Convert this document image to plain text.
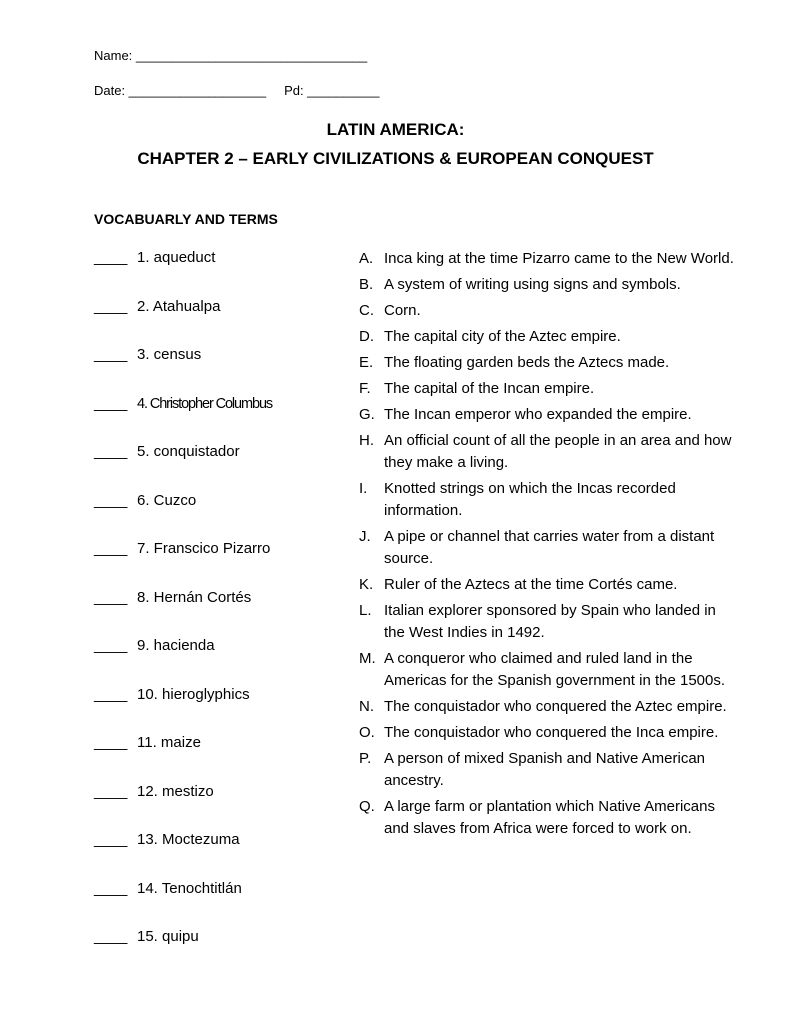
Name: ________________________________
Date: ___________________ Pd: __________
LATIN AMERICA:
CHAPTER 2 – EARLY CIVILIZATIONS & EUROPEAN CONQUEST
VOCABUARLY AND TERMS
____ 1. aqueduct
____ 2. Atahualpa
____ 3. census
____ 4. Christopher Columbus
____ 5. conquistador
____ 6. Cuzco
____ 7. Franscico Pizarro
____ 8. Hernán Cortés
____ 9. hacienda
____ 10. hieroglyphics
____ 11. maize
____ 12. mestizo
____ 13. Moctezuma
____ 14. Tenochtitlán
____ 15. quipu
A. Inca king at the time Pizarro came to the New World.
B. A system of writing using signs and symbols.
C. Corn.
D. The capital city of the Aztec empire.
E. The floating garden beds the Aztecs made.
F. The capital of the Incan empire.
G. The Incan emperor who expanded the empire.
H. An official count of all the people in an area and how they make a living.
I.	Knotted strings on which the Incas recorded information.
J. A pipe or channel that carries water from a distant source.
K. Ruler of the Aztecs at the time Cortés came.
L. Italian explorer sponsored by Spain who landed in the West Indies in 1492.
M. A conqueror who claimed and ruled land in the Americas for the Spanish government in the 1500s.
N. The conquistador who conquered the Aztec empire.
O. The conquistador who conquered the Inca empire.
P. A person of mixed Spanish and Native American ancestry.
Q. A large farm or plantation which Native Americans and slaves from Africa were forced to work on.
